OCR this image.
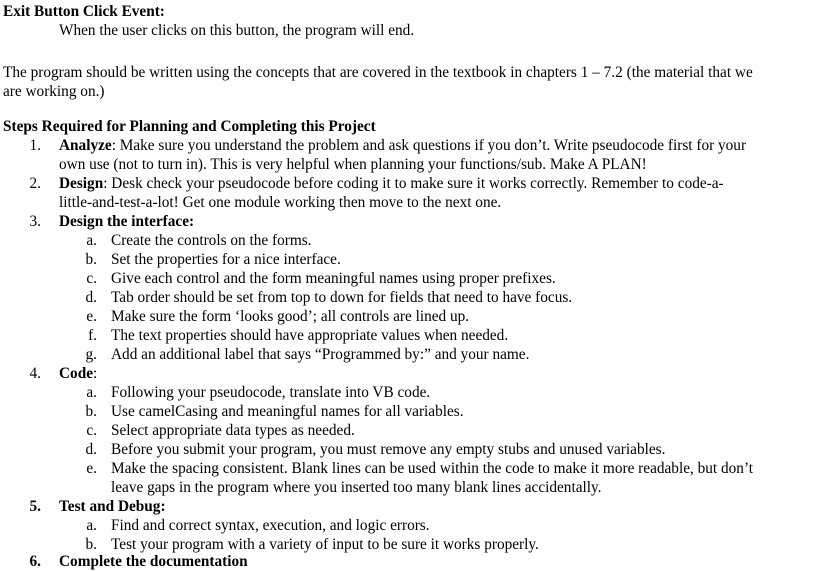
Exit Button Click Event:
When the user clicks on this button, the program will end.
The program should be written using the concepts that are covered in the textbook in chapters 1 – 7.2 (the material that we
are working on.)
Steps Required for Planning and Completing this Project
1. Analyze: Make sure you understand the problem and ask questions if you don’t. Write pseudocode first for your
own use (not to turn in). This is very helpful when planning your functions/sub. Make A PLAN!
2. Design: Desk check your pseudocode before coding it to make sure it works correctly. Remember to code-a-
little-and-test-a-lot! Get one module working then move to the next one.
3. Design the interface:
a. Create the controls on the forms.
b. Set the properties for a nice interface.
c. Give each control and the form meaningful names using proper prefixes.
d. Tab order should be set from top to down for fields that need to have focus.
e. Make sure the form ‘looks good’; all controls are lined up.
f. The text properties should have appropriate values when needed.
g. Add an additional label that says “Programmed by:” and your name.
4. Code:
a. Following your pseudocode, translate into VB code.
b. Use camelCasing and meaningful names for all variables.
c. Select appropriate data types as needed.
d. Before you submit your program, you must remove any empty stubs and unused variables.
e. Make the spacing consistent. Blank lines can be used within the code to make it more readable, but don’t
leave gaps in the program where you inserted too many blank lines accidentally.
5. Test and Debug:
a. Find and correct syntax, execution, and logic errors.
b. Test your program with a variety of input to be sure it works properly.
6. Complete the documentation
